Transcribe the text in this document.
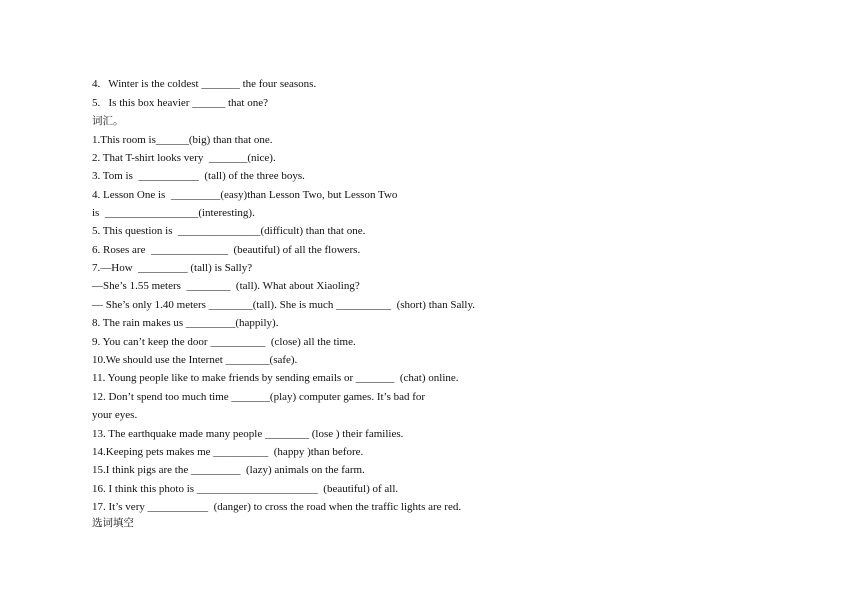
4.   Winter is the coldest _______ the four seasons.
5.   Is this box heavier ______ that one?
词汇。
1.This room is______(big) than that one.
2. That T-shirt looks very  _______(nice).
3. Tom is  ___________  (tall) of the three boys.
4. Lesson One is  _________(easy)than Lesson Two, but Lesson Two
is  _________________(interesting).
5. This question is  _______________(difficult) than that one.
6. Roses are  ______________  (beautiful) of all the flowers.
7.—How  _________ (tall) is Sally?
—She’s 1.55 meters  ________  (tall). What about Xiaoling?
— She’s only 1.40 meters ________(tall). She is much __________  (short) than Sally.
8. The rain makes us _________(happily).
9. You can’t keep the door __________  (close) all the time.
10.We should use the Internet ________(safe).
11. Young people like to make friends by sending emails or _______  (chat) online.
12. Don’t spend too much time _______(play) computer games. It’s bad for
your eyes.
13. The earthquake made many people ________ (lose ) their families.
14.Keeping pets makes me __________  (happy )than before.
15.I think pigs are the _________  (lazy) animals on the farm.
16. I think this photo is ______________________  (beautiful) of all.
17. It’s very ___________  (danger) to cross the road when the traffic lights are red.
选词填空
